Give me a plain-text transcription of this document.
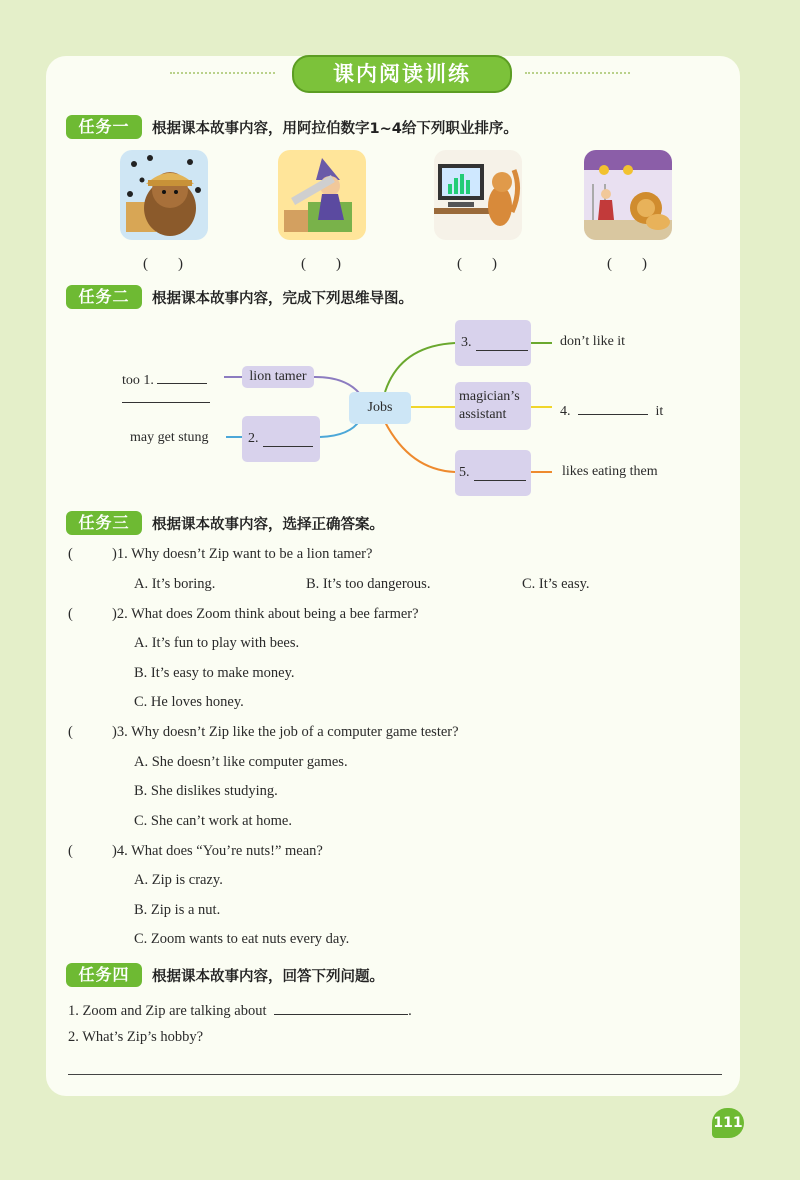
课内阅读训练
任务一	根据课本故事内容，用阿拉伯数字1~4给下列职业排序。
(　　)	(　　)	(　　)	(　　)
任务二	根据课本故事内容，完成下列思维导图。
Jobs
lion tamer
too 1.
2.
may get stung
3.	don’t like it
magician’s
assistant	4.	it
5.	likes eating them
任务三	根据课本故事内容，选择正确答案。
(	)1. Why doesn’t Zip want to be a lion tamer?
A. It’s boring.	B. It’s too dangerous.	C. It’s easy.
(	)2. What does Zoom think about being a bee farmer?
A. It’s fun to play with bees.
B. It’s easy to make money.
C. He loves honey.
(	)3. Why doesn’t Zip like the job of a computer game tester?
A. She doesn’t like computer games.
B. She dislikes studying.
C. She can’t work at home.
(	)4. What does “You’re nuts!” mean?
A. Zip is crazy.
B. Zip is a nut.
C. Zoom wants to eat nuts every day.
任务四	根据课本故事内容，回答下列问题。
1. Zoom and Zip are talking about	.
2. What’s Zip’s hobby?
111
